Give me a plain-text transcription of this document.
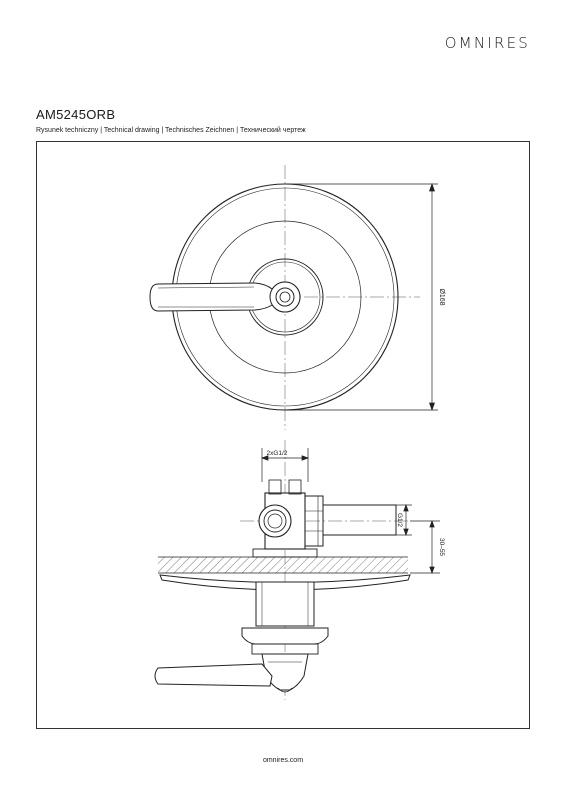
OMNIRES
AM5245ORB
Rysunek techniczny | Technical drawing | Technisches Zeichnen | Технический чертеж
Ø168
2xG1/2
G1/2
30–55
omnires.com
